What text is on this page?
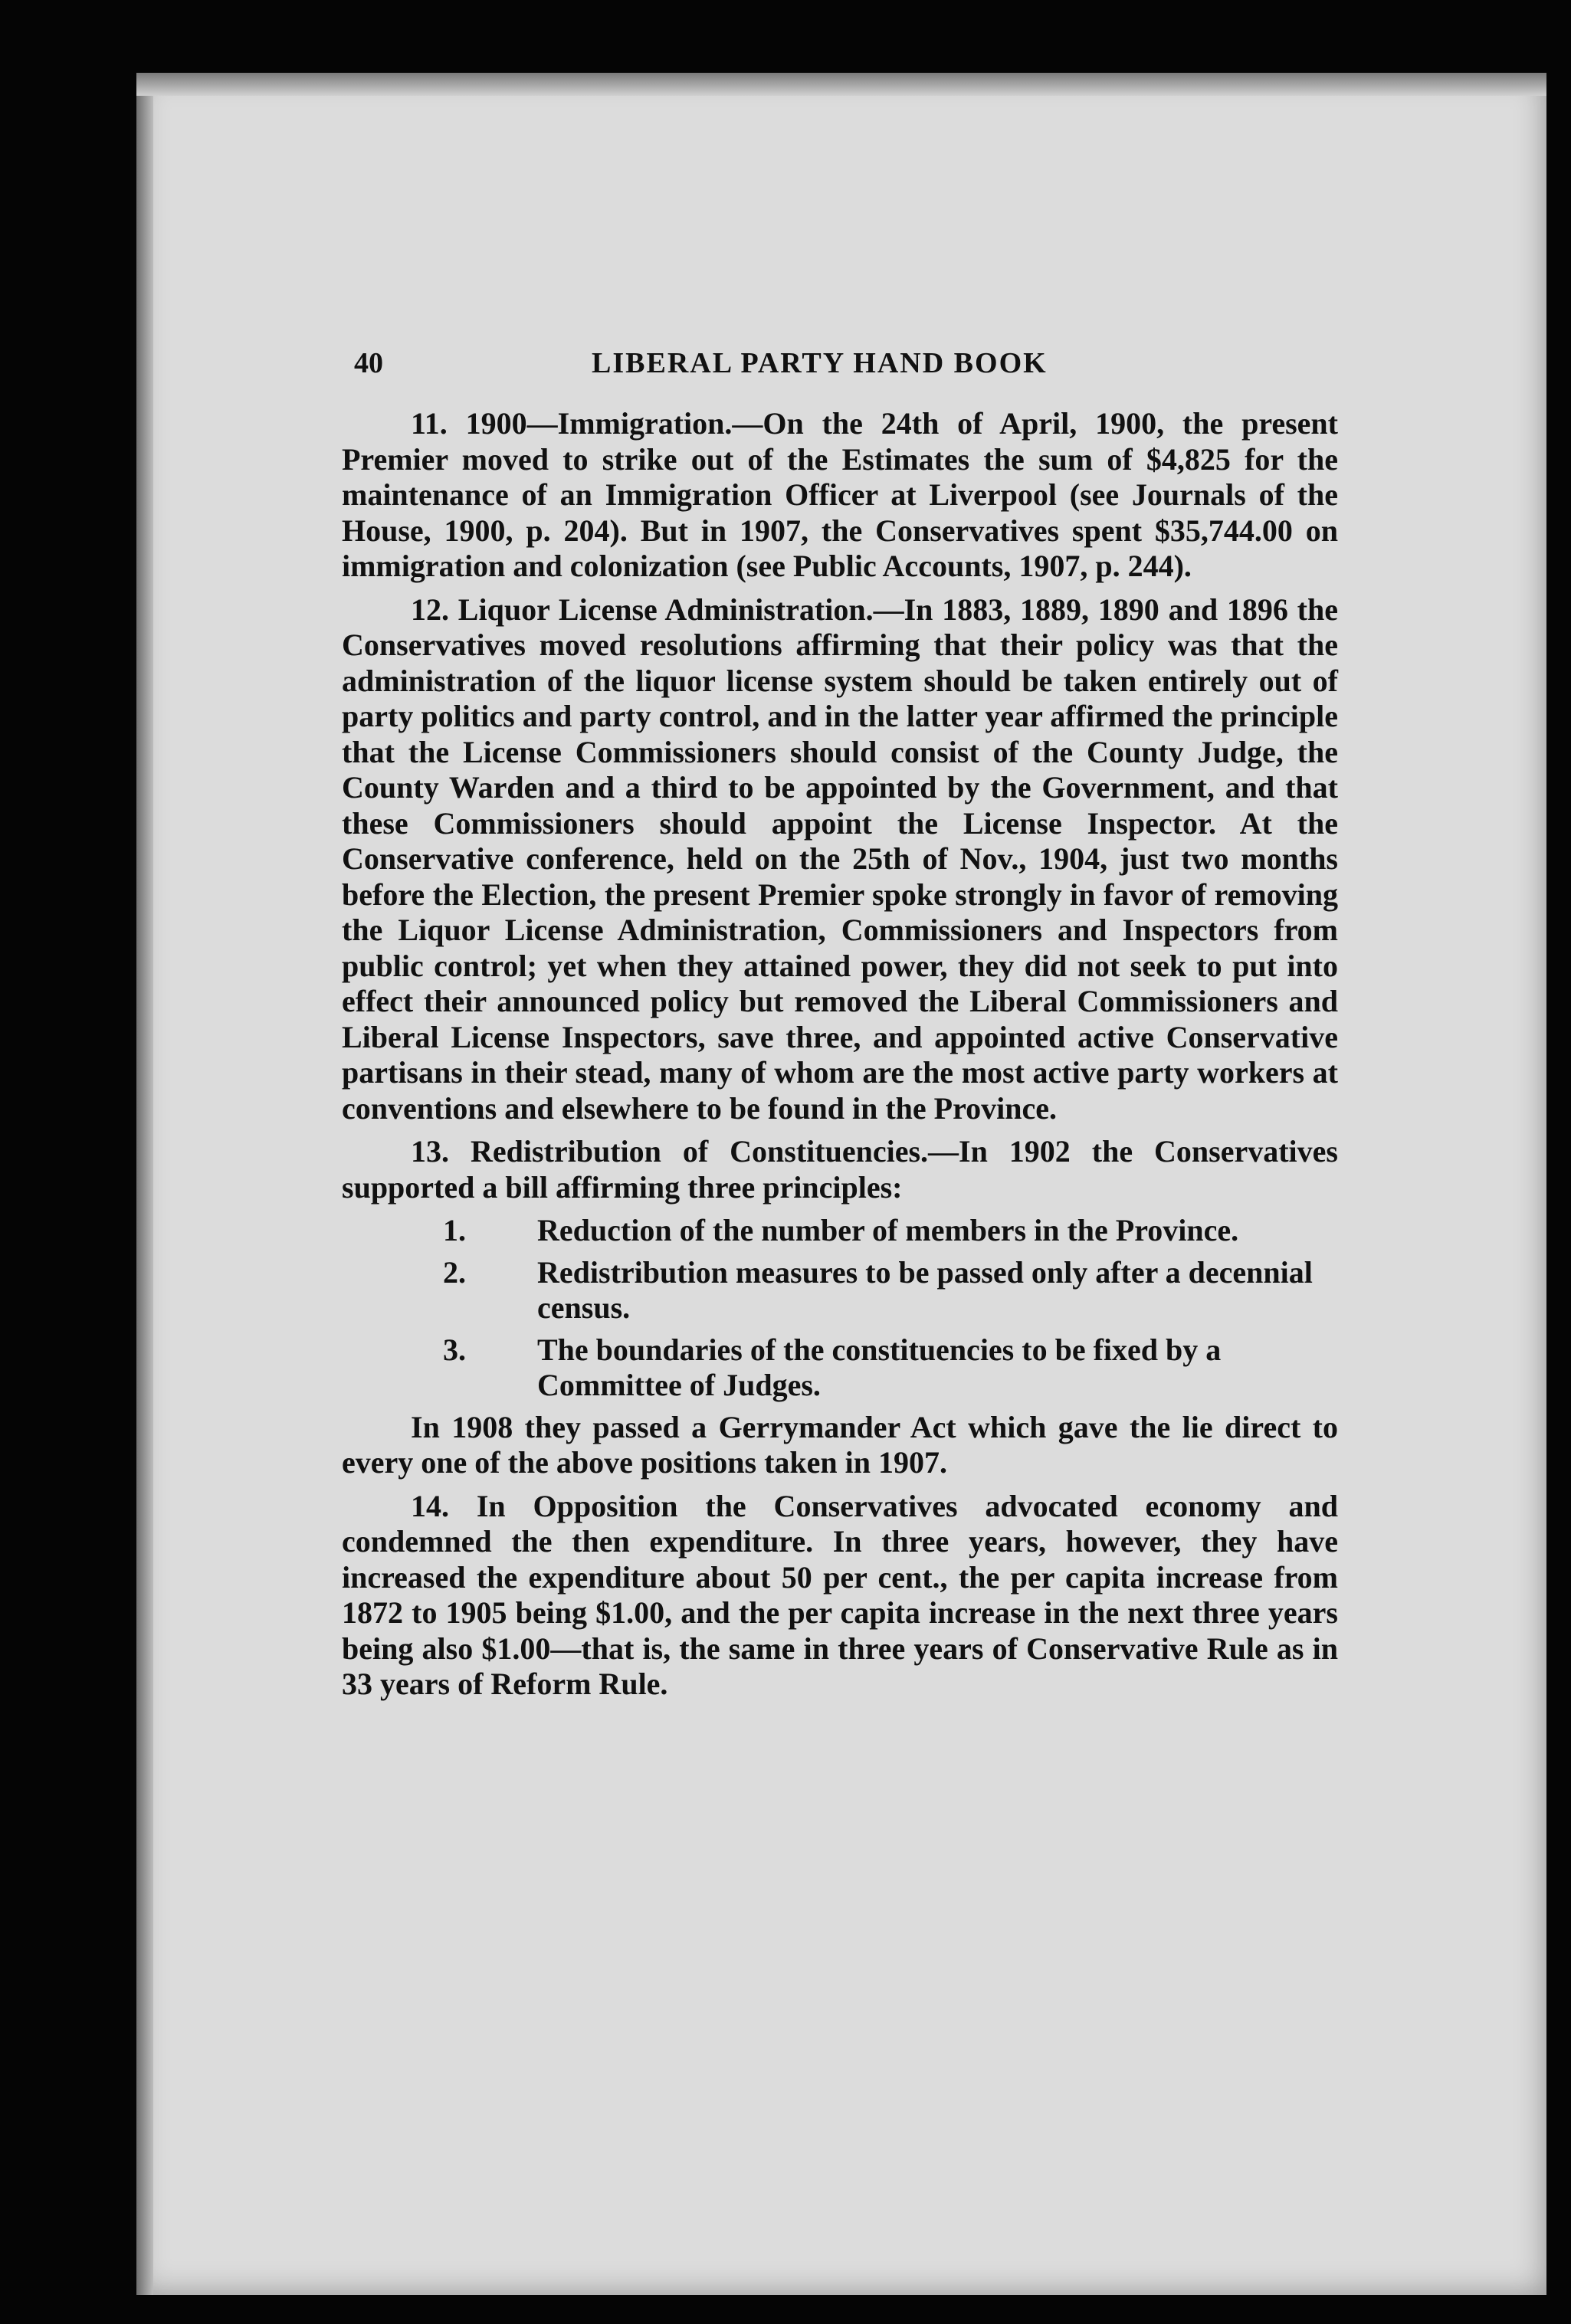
40	LIBERAL PARTY HAND BOOK

11. 1900—Immigration.—On the 24th of April, 1900, the present Premier moved to strike out of the Estimates the sum of $4,825 for the maintenance of an Immigration Officer at Liverpool (see Journals of the House, 1900, p. 204). But in 1907, the Conservatives spent $35,744.00 on immigration and colonization (see Public Accounts, 1907, p. 244).

12. Liquor License Administration.—In 1883, 1889, 1890 and 1896 the Conservatives moved resolutions affirming that their policy was that the administration of the liquor license system should be taken entirely out of party politics and party control, and in the latter year affirmed the principle that the License Commissioners should consist of the County Judge, the County Warden and a third to be appointed by the Government, and that these Commissioners should appoint the License Inspector. At the Conservative conference, held on the 25th of Nov., 1904, just two months before the Election, the present Premier spoke strongly in favor of removing the Liquor License Administration, Commissioners and Inspectors from public control; yet when they attained power, they did not seek to put into effect their announced policy but removed the Liberal Commissioners and Liberal License Inspectors, save three, and appointed active Conservative partisans in their stead, many of whom are the most active party workers at conventions and elsewhere to be found in the Province.

13. Redistribution of Constituencies.—In 1902 the Conservatives supported a bill affirming three principles:

1. Reduction of the number of members in the Province.
2. Redistribution measures to be passed only after a decennial census.
3. The boundaries of the constituencies to be fixed by a Committee of Judges.

In 1908 they passed a Gerrymander Act which gave the lie direct to every one of the above positions taken in 1907.

14. In Opposition the Conservatives advocated economy and condemned the then expenditure. In three years, however, they have increased the expenditure about 50 per cent., the per capita increase from 1872 to 1905 being $1.00, and the per capita increase in the next three years being also $1.00—that is, the same in three years of Conservative Rule as in 33 years of Reform Rule.
